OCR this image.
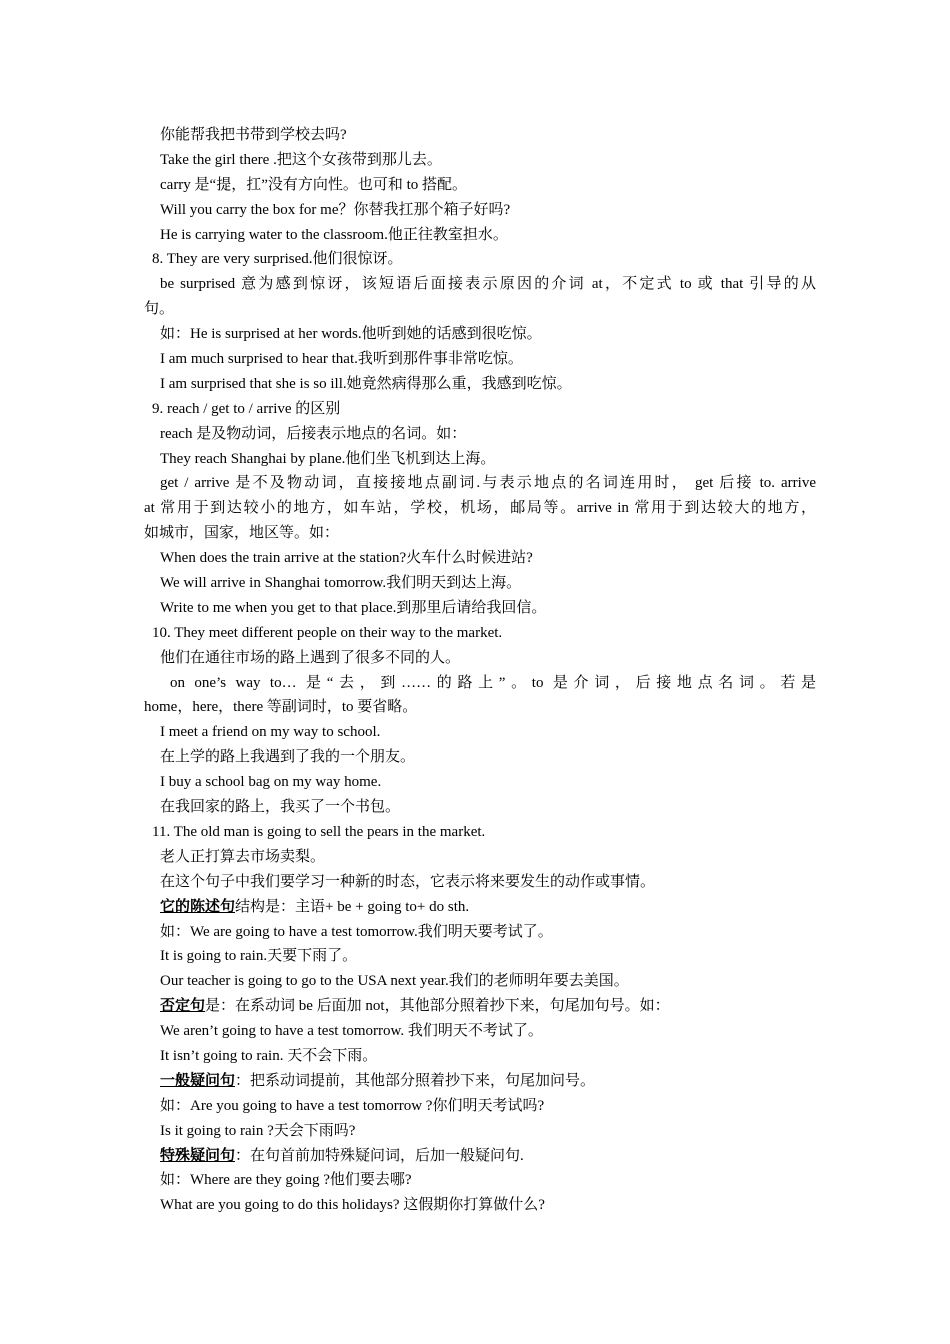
你能帮我把书带到学校去吗?
Take the girl there .把这个女孩带到那儿去。
carry 是“提，扛”没有方向性。也可和 to 搭配。
Will you carry the box for me？你替我扛那个箱子好吗?
He is carrying water to the classroom.他正往教室担水。
8. They are very surprised.他们很惊讶。
be surprised 意为感到惊讶，该短语后面接表示原因的介词 at，不定式 to 或 that 引导的从
句。
如：He is surprised at her words.他听到她的话感到很吃惊。
I am much surprised to hear that.我听到那件事非常吃惊。
I am surprised that she is so ill.她竟然病得那么重，我感到吃惊。
9. reach / get to / arrive 的区别
reach 是及物动词，后接表示地点的名词。如：
They reach Shanghai by plane.他们坐飞机到达上海。
get / arrive 是不及物动词，直接接地点副词.与表示地点的名词连用时， get 后接 to. arrive
at 常用于到达较小的地方，如车站，学校，机场，邮局等。arrive in 常用于到达较大的地方，
如城市，国家，地区等。如：
When does the train arrive at the station?火车什么时候进站?
We will arrive in Shanghai tomorrow.我们明天到达上海。
Write to me when you get to that place.到那里后请给我回信。
10. They meet different people on their way to the market.
他们在通往市场的路上遇到了很多不同的人。
on one’s way to… 是“去，到……的路上”。to 是介词，后接地点名词。若是
home，here，there 等副词时，to 要省略。
I meet a friend on my way to school.
在上学的路上我遇到了我的一个朋友。
I buy a school bag on my way home.
在我回家的路上，我买了一个书包。
11. The old man is going to sell the pears in the market.
老人正打算去市场卖梨。
在这个句子中我们要学习一种新的时态，它表示将来要发生的动作或事情。
它的陈述句结构是：主语+ be + going to+ do sth.
如：We are going to have a test tomorrow.我们明天要考试了。
It is going to rain.天要下雨了。
Our teacher is going to go to the USA next year.我们的老师明年要去美国。
否定句是：在系动词 be 后面加 not，其他部分照着抄下来，句尾加句号。如：
We aren’t going to have a test tomorrow. 我们明天不考试了。
It isn’t going to rain. 天不会下雨。
一般疑问句：把系动词提前，其他部分照着抄下来，句尾加问号。
如：Are you going to have a test tomorrow ?你们明天考试吗?
Is it going to rain ?天会下雨吗?
特殊疑问句：在句首前加特殊疑问词，后加一般疑问句.
如：Where are they going ?他们要去哪?
What are you going to do this holidays? 这假期你打算做什么?
